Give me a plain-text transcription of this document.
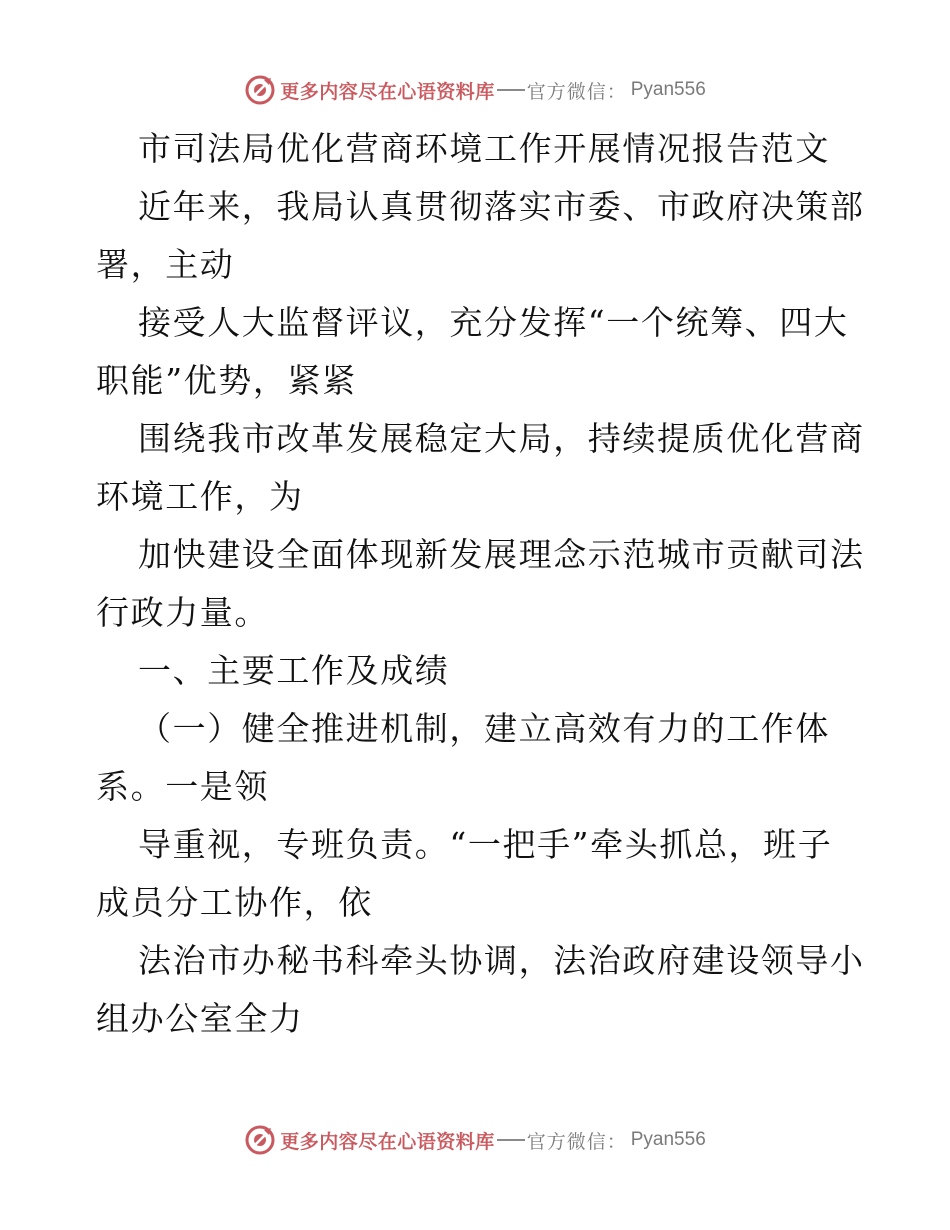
更多内容尽在心语资料库 官方微信： Pyan556
市司法局优化营商环境工作开展情况报告范文
近年来，我局认真贯彻落实市委、市政府决策部
署，主动
接受人大监督评议，充分发挥“一个统筹、四大
职能”优势，紧紧
围绕我市改革发展稳定大局，持续提质优化营商
环境工作，为
加快建设全面体现新发展理念示范城市贡献司法
行政力量。
一、主要工作及成绩
（一）健全推进机制，建立高效有力的工作体
系。一是领
导重视，专班负责。“一把手”牵头抓总，班子
成员分工协作，依
法治市办秘书科牵头协调，法治政府建设领导小
组办公室全力
更多内容尽在心语资料库 官方微信： Pyan556
